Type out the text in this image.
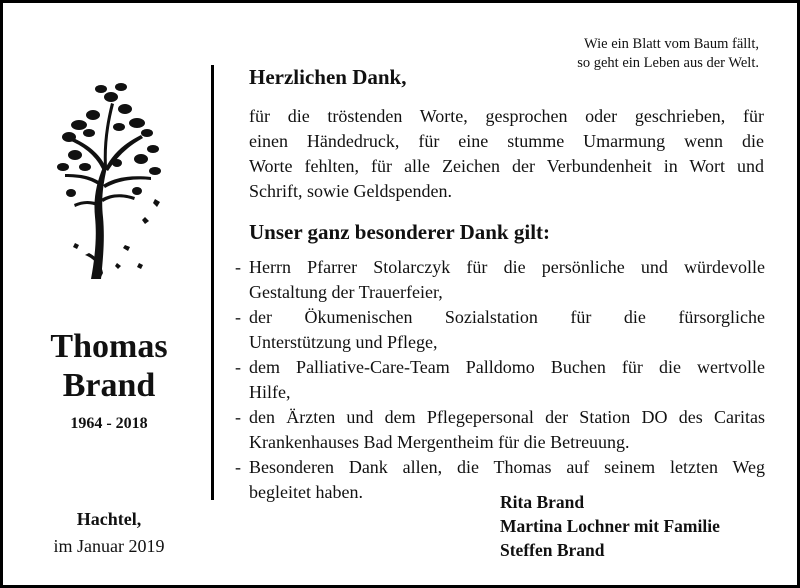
Wie ein Blatt vom Baum fällt,
so geht ein Leben aus der Welt.
Thomas
Brand
1964 - 2018
Hachtel,
im Januar 2019
Herzlichen Dank,
für die tröstenden Worte, gesprochen oder geschrieben, für
einen Händedruck, für eine stumme Umarmung wenn die
Worte fehlten, für alle Zeichen der Verbundenheit in Wort und
Schrift, sowie Geldspenden.
Unser ganz besonderer Dank gilt:
- Herrn Pfarrer Stolarczyk für die persönliche und würdevolle
Gestaltung der Trauerfeier,
- der Ökumenischen Sozialstation für die fürsorgliche
Unterstützung und Pflege,
- dem Palliative-Care-Team Palldomo Buchen für die wertvolle
Hilfe,
- den Ärzten und dem Pflegepersonal der Station DO des Caritas
Krankenhauses Bad Mergentheim für die Betreuung.
- Besonderen Dank allen, die Thomas auf seinem letzten Weg
begleitet haben.	Rita Brand
Martina Lochner mit Familie
Steffen Brand
